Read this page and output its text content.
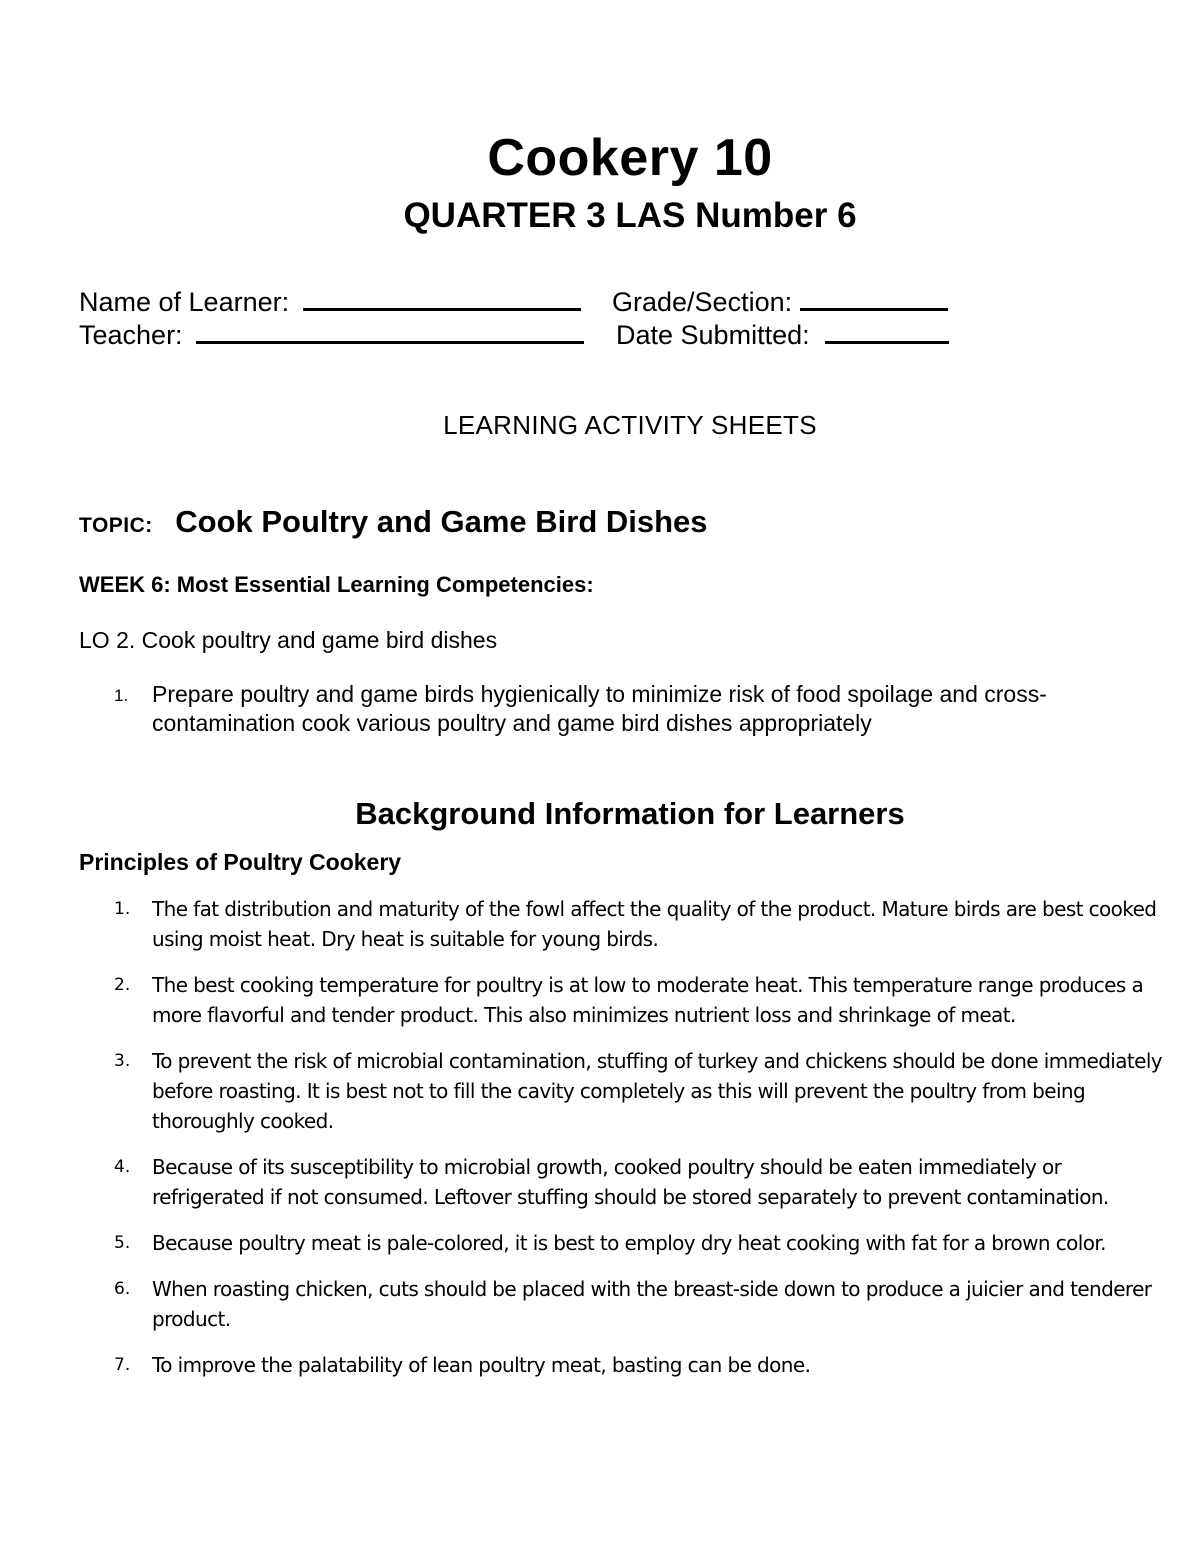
Cookery 10
QUARTER 3 LAS Number 6
Name of Learner:	Grade/Section:
Teacher:	Date Submitted:
LEARNING ACTIVITY SHEETS
TOPIC: Cook Poultry and Game Bird Dishes
WEEK 6: Most Essential Learning Competencies:
LO 2. Cook poultry and game bird dishes
1. Prepare poultry and game birds hygienically to minimize risk of food spoilage and cross-contamination cook various poultry and game bird dishes appropriately
Background Information for Learners
Principles of Poultry Cookery
1. The fat distribution and maturity of the fowl affect the quality of the product. Mature birds are best cooked using moist heat. Dry heat is suitable for young birds.
2. The best cooking temperature for poultry is at low to moderate heat. This temperature range produces a more flavorful and tender product. This also minimizes nutrient loss and shrinkage of meat.
3. To prevent the risk of microbial contamination, stuffing of turkey and chickens should be done immediately before roasting. It is best not to fill the cavity completely as this will prevent the poultry from being thoroughly cooked.
4. Because of its susceptibility to microbial growth, cooked poultry should be eaten immediately or refrigerated if not consumed. Leftover stuffing should be stored separately to prevent contamination.
5. Because poultry meat is pale-colored, it is best to employ dry heat cooking with fat for a brown color.
6. When roasting chicken, cuts should be placed with the breast-side down to produce a juicier and tenderer product.
7. To improve the palatability of lean poultry meat, basting can be done.
